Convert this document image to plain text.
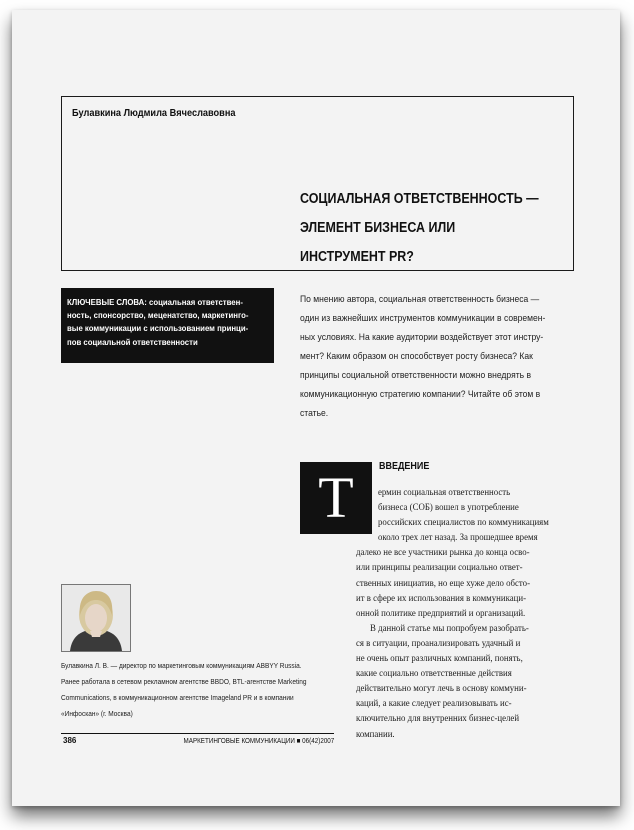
Булавкина Людмила Вячеславовна
СОЦИАЛЬНАЯ ОТВЕТСТВЕННОСТЬ —
ЭЛЕМЕНТ БИЗНЕСА ИЛИ
ИНСТРУМЕНТ PR?
КЛЮЧЕВЫЕ СЛОВА: социальная ответствен-
ность, спонсорство, меценатство, маркетинго-
вые коммуникации с использованием принци-
пов социальной ответственности
По мнению автора, социальная ответственность бизнеса —
один из важнейших инструментов коммуникации в современ-
ных условиях. На какие аудитории воздействует этот инстру-
мент? Каким образом он способствует росту бизнеса? Как
принципы социальной ответственности можно внедрять в
коммуникационную стратегию компании? Читайте об этом в
статье.
Т	ВВЕДЕНИЕ
ермин социальная ответственность
бизнеса (СОБ) вошел в употребление
российских специалистов по коммуникациям
около трех лет назад. За прошедшее время
далеко не все участники рынка до конца осво-
или принципы реализации социально ответ-
ственных инициатив, но еще хуже дело обсто-
ит в сфере их использования в коммуникаци-
онной политике предприятий и организаций.
В данной статье мы попробуем разобрать-
ся в ситуации, проанализировать удачный и
не очень опыт различных компаний, понять,
какие социально ответственные действия
действительно могут лечь в основу коммуни-
каций, а какие следует реализовывать ис-
ключительно для внутренних бизнес-целей
компании.
Булавкина Л. В. — директор по маркетинговым коммуникациям ABBYY Russia.
Ранее работала в сетевом рекламном агентстве BBDO, BTL-агентстве Marketing
Communications, в коммуникационном агентстве Imageland PR и в компании
«Инфоскан» (г. Москва)
386	МАРКЕТИНГОВЫЕ КОММУНИКАЦИИ ■ 06(42)2007
